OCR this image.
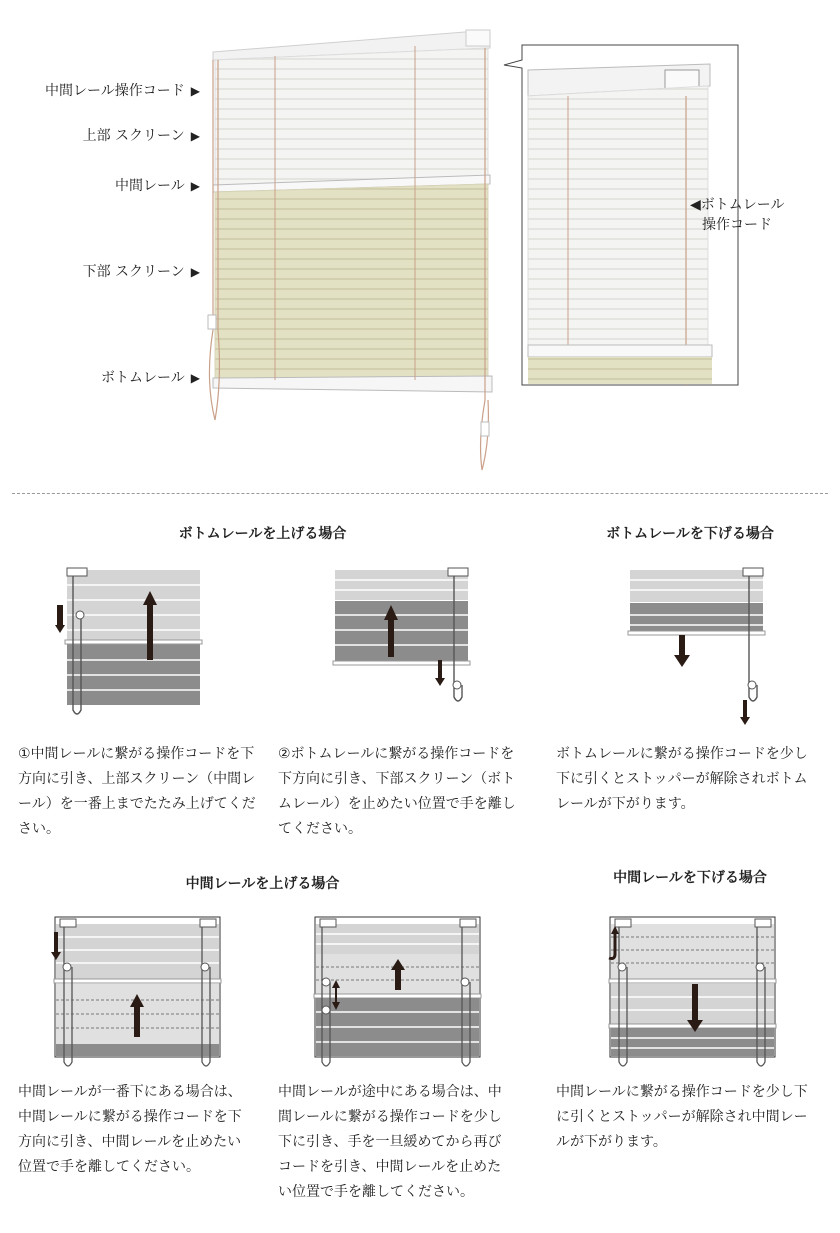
中間レール操作コード ▶
上部 スクリーン ▶
中間レール ▶
下部 スクリーン ▶
ボトムレール ▶
◀ボトムレール
操作コード
ボトムレールを上げる場合	ボトムレールを下げる場合
中間レールを上げる場合	中間レールを下げる場合
①中間レールに繋がる操作コードを下方向に引き、上部スクリーン（中間レール）を一番上までたたみ上げてください。
②ボトムレールに繋がる操作コードを下方向に引き、下部スクリーン（ボトムレール）を止めたい位置で手を離してください。
ボトムレールに繋がる操作コードを少し下に引くとストッパーが解除されボトムレールが下がります。
中間レールが一番下にある場合は、中間レールに繋がる操作コードを下方向に引き、中間レールを止めたい位置で手を離してください。
中間レールが途中にある場合は、中間レールに繋がる操作コードを少し下に引き、手を一旦緩めてから再びコードを引き、中間レールを止めたい位置で手を離してください。
中間レールに繋がる操作コードを少し下に引くとストッパーが解除され中間レールが下がります。
